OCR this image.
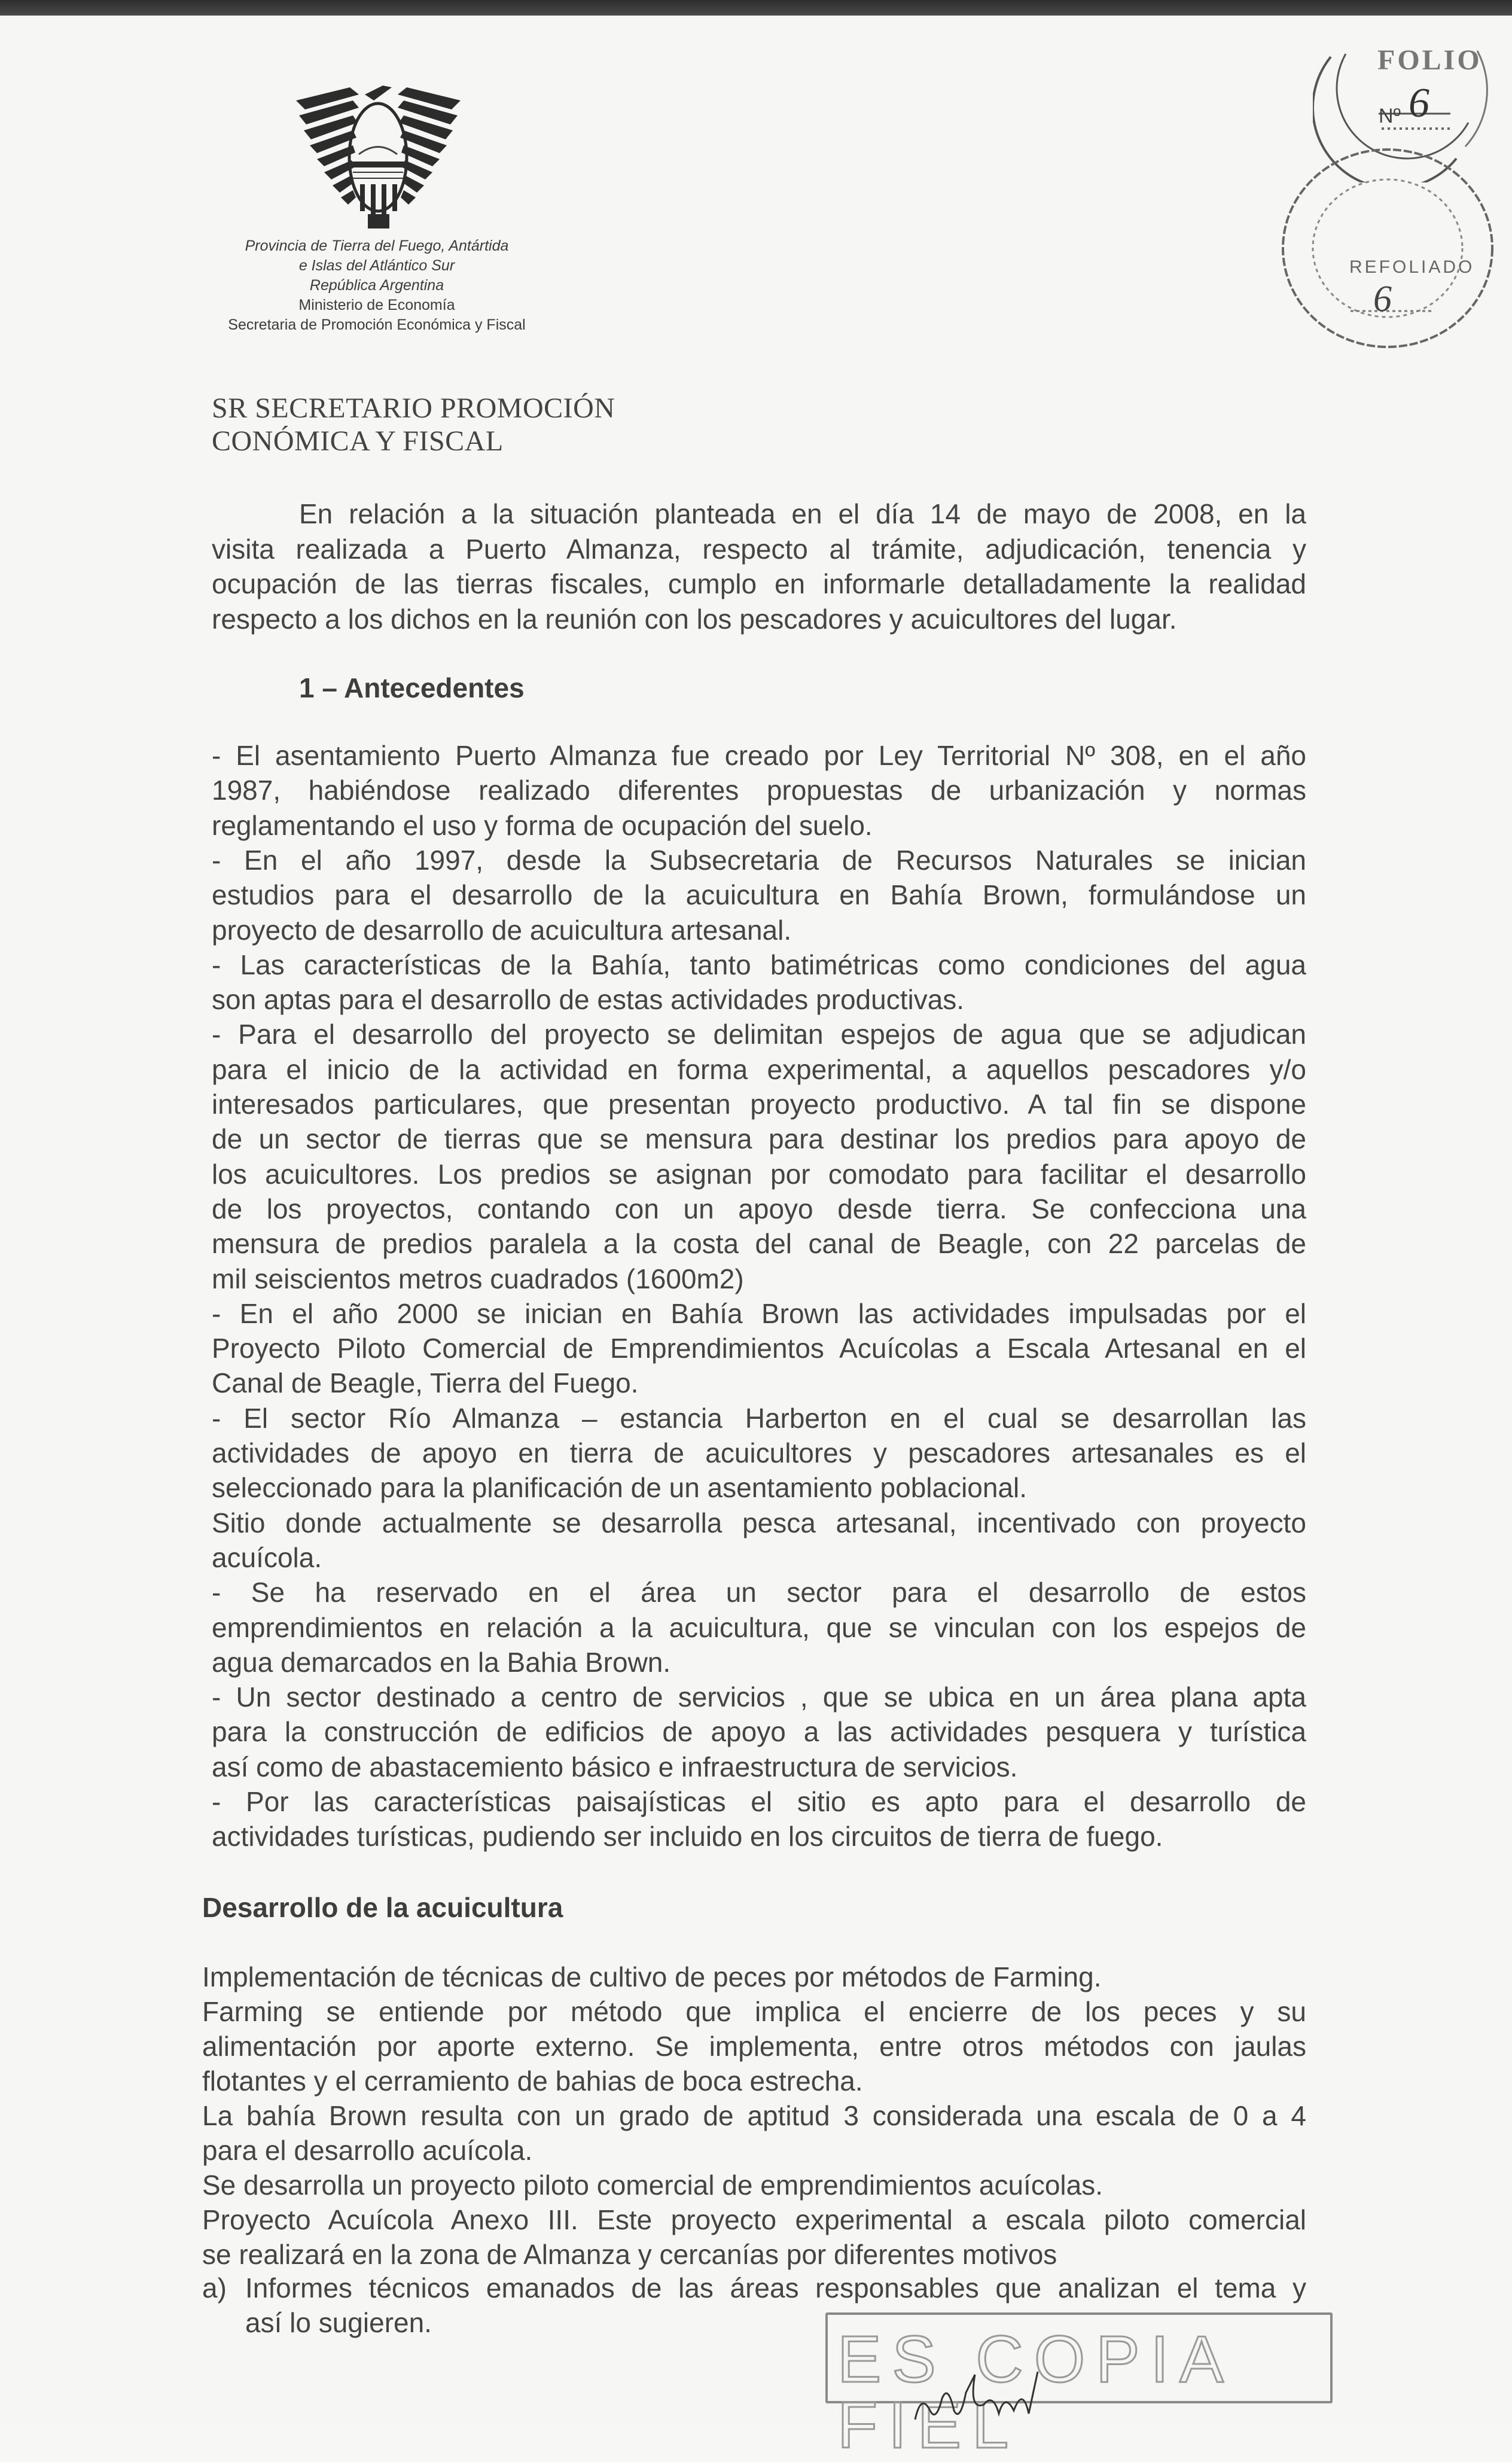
Provincia de Tierra del Fuego, Antártida
e Islas del Atlántico Sur
República Argentina
Ministerio de Economía
Secretaria de Promoción Económica y Fiscal
FOLIO
Nº 6
REFOLIADO
6
SR SECRETARIO PROMOCIÓN
CONÓMICA Y FISCAL
En relación a la situación planteada en el día 14 de mayo de 2008, en la
visita realizada a Puerto Almanza, respecto al trámite, adjudicación, tenencia y
ocupación de las tierras fiscales, cumplo en informarle detalladamente la realidad
respecto a los dichos en la reunión con los pescadores y acuicultores del lugar.
1 – Antecedentes
- El asentamiento Puerto Almanza fue creado por Ley Territorial Nº 308, en el año
1987, habiéndose realizado diferentes propuestas de urbanización y normas
reglamentando el uso y forma de ocupación del suelo.
- En el año 1997, desde la Subsecretaria de Recursos Naturales se inician
estudios para el desarrollo de la acuicultura en Bahía Brown, formulándose un
proyecto de desarrollo de acuicultura artesanal.
- Las características de la Bahía, tanto batimétricas como condiciones del agua
son aptas para el desarrollo de estas actividades productivas.
- Para el desarrollo del proyecto se delimitan espejos de agua que se adjudican
para el inicio de la actividad en forma experimental, a aquellos pescadores y/o
interesados particulares, que presentan proyecto productivo. A tal fin se dispone
de un sector de tierras que se mensura para destinar los predios para apoyo de
los acuicultores. Los predios se asignan por comodato para facilitar el desarrollo
de los proyectos, contando con un apoyo desde tierra. Se confecciona una
mensura de predios paralela a la costa del canal de Beagle, con 22 parcelas de
mil seiscientos metros cuadrados (1600m2)
- En el año 2000 se inician en Bahía Brown las actividades impulsadas por el
Proyecto Piloto Comercial de Emprendimientos Acuícolas a Escala Artesanal en el
Canal de Beagle, Tierra del Fuego.
- El sector Río Almanza – estancia Harberton en el cual se desarrollan las
actividades de apoyo en tierra de acuicultores y pescadores artesanales es el
seleccionado para la planificación de un asentamiento poblacional.
Sitio donde actualmente se desarrolla pesca artesanal, incentivado con proyecto
acuícola.
- Se ha reservado en el área un sector para el desarrollo de estos
emprendimientos en relación a la acuicultura, que se vinculan con los espejos de
agua demarcados en la Bahia Brown.
- Un sector destinado a centro de servicios , que se ubica en un área plana apta
para la construcción de edificios de apoyo a las actividades pesquera y turística
así como de abastacemiento básico e infraestructura de servicios.
- Por las características paisajísticas el sitio es apto para el desarrollo de
actividades turísticas, pudiendo ser incluido en los circuitos de tierra de fuego.
Desarrollo de la acuicultura
Implementación de técnicas de cultivo de peces por métodos de Farming.
Farming se entiende por método que implica el encierre de los peces y su
alimentación por aporte externo. Se implementa, entre otros métodos con jaulas
flotantes y el cerramiento de bahias de boca estrecha.
La bahía Brown resulta con un grado de aptitud 3 considerada una escala de 0 a 4
para el desarrollo acuícola.
Se desarrolla un proyecto piloto comercial de emprendimientos acuícolas.
Proyecto Acuícola Anexo III. Este proyecto experimental a escala piloto comercial
se realizará en la zona de Almanza y cercanías por diferentes motivos
a) Informes técnicos emanados de las áreas responsables que analizan el tema y
así lo sugieren.	ES COPIA FIEL
